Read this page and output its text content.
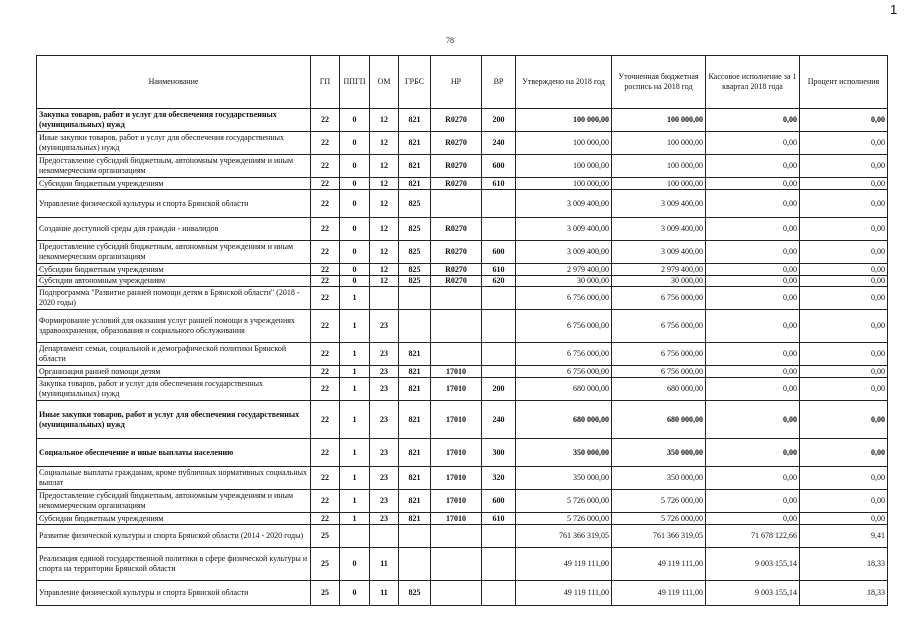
78
1
Наименование	ГП	ППГП	ОМ	ГРБС	НР	ВР	Утверждено на 2018 год	Уточненная бюджетная роспись на 2018 год	Кассовое исполнение за 1 квартал 2018 года	Процент исполнения
Закупка товаров, работ и услуг для обеспечения государственных (муниципальных) нужд	22	0	12	821	R0270	200	100 000,00	100 000,00	0,00	0,00
Иные закупки товаров, работ и услуг для обеспечения государственных (муниципальных) нужд	22	0	12	821	R0270	240	100 000,00	100 000,00	0,00	0,00
Предоставление субсидий бюджетным, автономным учреждениям и иным некоммерческим организациям	22	0	12	821	R0270	600	100 000,00	100 000,00	0,00	0,00
Субсидии бюджетным учреждениям	22	0	12	821	R0270	610	100 000,00	100 000,00	0,00	0,00
Управление физической культуры и спорта Брянской области	22	0	12	825			3 009 400,00	3 009 400,00	0,00	0,00
Создание доступной среды для граждан - инвалидов	22	0	12	825	R0270		3 009 400,00	3 009 400,00	0,00	0,00
Предоставление субсидий бюджетным, автономным учреждениям и иным некоммерческим организациям	22	0	12	825	R0270	600	3 009 400,00	3 009 400,00	0,00	0,00
Субсидии бюджетным учреждениям	22	0	12	825	R0270	610	2 979 400,00	2 979 400,00	0,00	0,00
Субсидии автономным учреждениям	22	0	12	825	R0270	620	30 000,00	30 000,00	0,00	0,00
Подпрограмма "Развитие ранней помощи детям в Брянской области" (2018 - 2020 годы)	22	1					6 756 000,00	6 756 000,00	0,00	0,00
Формирование условий для оказания услуг ранней помощи в учреждениях здравоохранения, образования и социального обслуживания	22	1	23				6 756 000,00	6 756 000,00	0,00	0,00
Департамент семьи, социальной и демографической политики Брянской области	22	1	23	821			6 756 000,00	6 756 000,00	0,00	0,00
Организация ранней помощи детям	22	1	23	821	17010		6 756 000,00	6 756 000,00	0,00	0,00
Закупка товаров, работ и услуг для обеспечения государственных (муниципальных) нужд	22	1	23	821	17010	200	680 000,00	680 000,00	0,00	0,00
Иные закупки товаров, работ и услуг для обеспечения государственных (муниципальных) нужд	22	1	23	821	17010	240	680 000,00	680 000,00	0,00	0,00
Социальное обеспечение и иные выплаты населению	22	1	23	821	17010	300	350 000,00	350 000,00	0,00	0,00
Социальные выплаты гражданам, кроме публичных нормативных социальных выплат	22	1	23	821	17010	320	350 000,00	350 000,00	0,00	0,00
Предоставление субсидий бюджетным, автономным учреждениям и иным некоммерческим организациям	22	1	23	821	17010	600	5 726 000,00	5 726 000,00	0,00	0,00
Субсидии бюджетным учреждениям	22	1	23	821	17010	610	5 726 000,00	5 726 000,00	0,00	0,00
Развитие физической культуры и спорта Брянской области (2014 - 2020 годы)	25						761 366 319,05	761 366 319,05	71 678 122,66	9,41
Реализация единой государственной политики в сфере физической культуры и спорта на территории Брянской области	25	0	11				49 119 111,00	49 119 111,00	9 003 155,14	18,33
Управление физической культуры и спорта Брянской области	25	0	11	825			49 119 111,00	49 119 111,00	9 003 155,14	18,33
